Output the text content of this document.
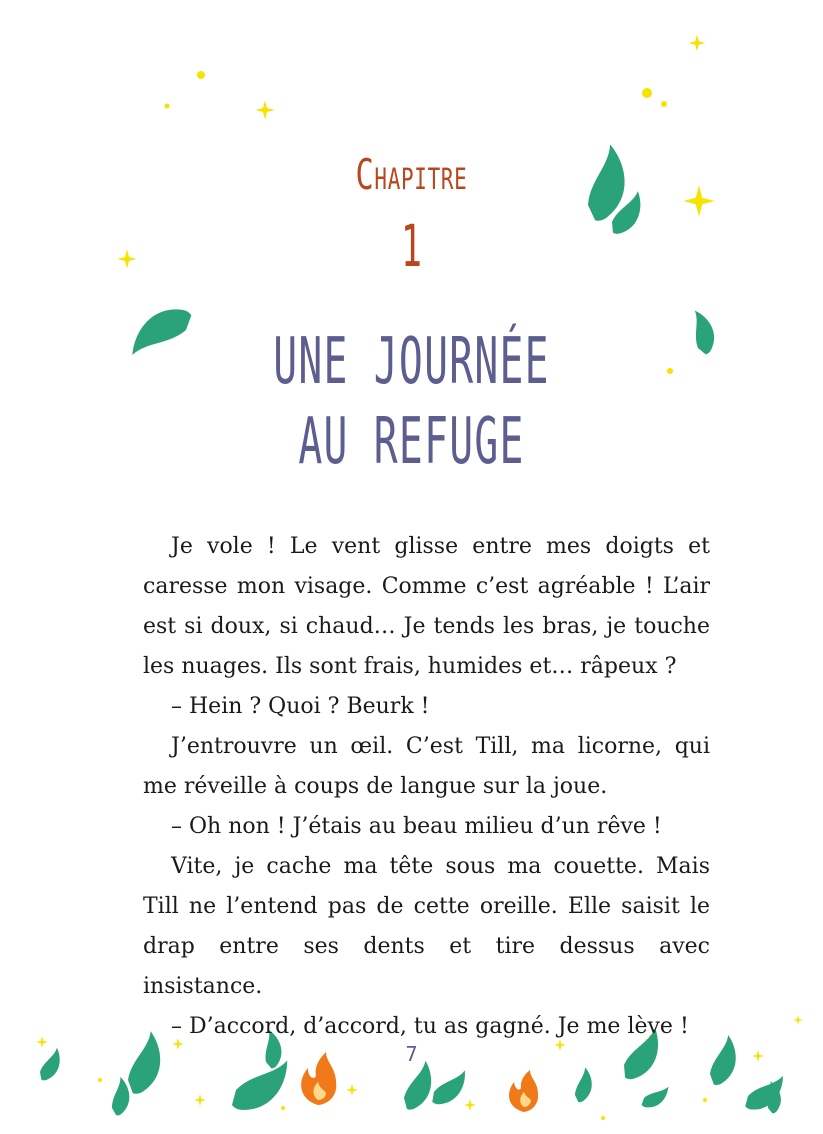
Chapitre
1
UNE JOURNÉE
AU REFUGE

Je vole ! Le vent glisse entre mes doigts et caresse mon visage. Comme c’est agréable ! L’air est si doux, si chaud… Je tends les bras, je touche les nuages. Ils sont frais, humides et… râpeux ?

– Hein ? Quoi ? Beurk !

J’entrouvre un œil. C’est Till, ma licorne, qui me réveille à coups de langue sur la joue.

– Oh non ! J’étais au beau milieu d’un rêve !

Vite, je cache ma tête sous ma couette. Mais Till ne l’entend pas de cette oreille. Elle saisit le drap entre ses dents et tire dessus avec insistance.

– D’accord, d’accord, tu as gagné. Je me lève !

7
